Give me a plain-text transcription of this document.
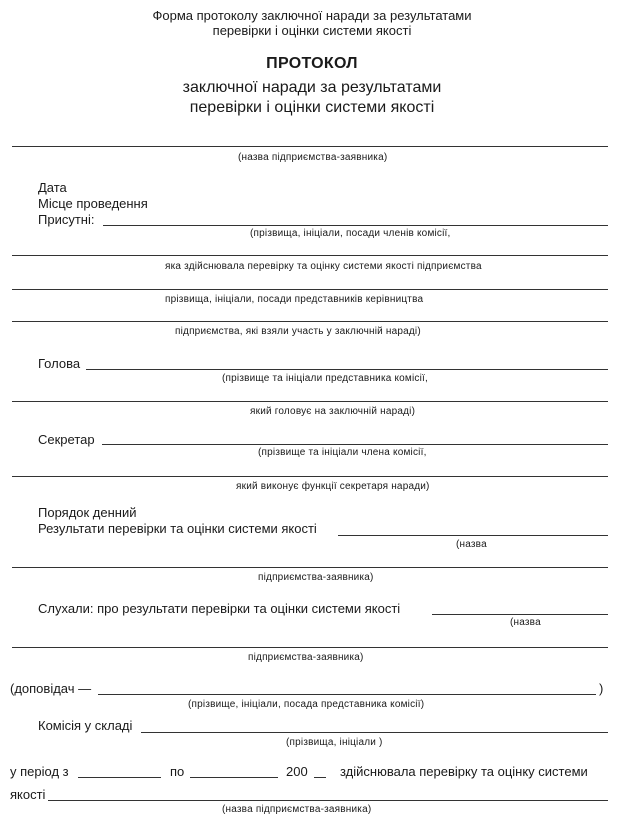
Форма протоколу заключної наради за результатами
перевірки і оцінки системи якості
ПРОТОКОЛ
заключної наради за результатами
перевірки і оцінки системи якості
(назва підприємства-заявника)
Дата
Місце проведення
Присутні:
(прізвища, ініціали, посади членів комісії,
яка здійснювала перевірку та оцінку системи якості підприємства
прізвища, ініціали, посади представників керівництва
підприємства, які взяли участь у заключній нараді)
Голова
(прізвище та ініціали представника комісії,
який головує на заключній нараді)
Секретар
(прізвище та ініціали члена комісії,
який виконує функції секретаря наради)
Порядок денний
Результати перевірки та оцінки системи якості
(назва
підприємства-заявника)
Слухали: про результати перевірки та оцінки системи якості
(назва
підприємства-заявника)
(доповідач —	)
(прізвище, ініціали, посада представника комісії)
Комісія у складі
(прізвища, ініціали )
у період з	по	200 здійснювала перевірку та оцінку системи
якості
(назва підприємства-заявника)
